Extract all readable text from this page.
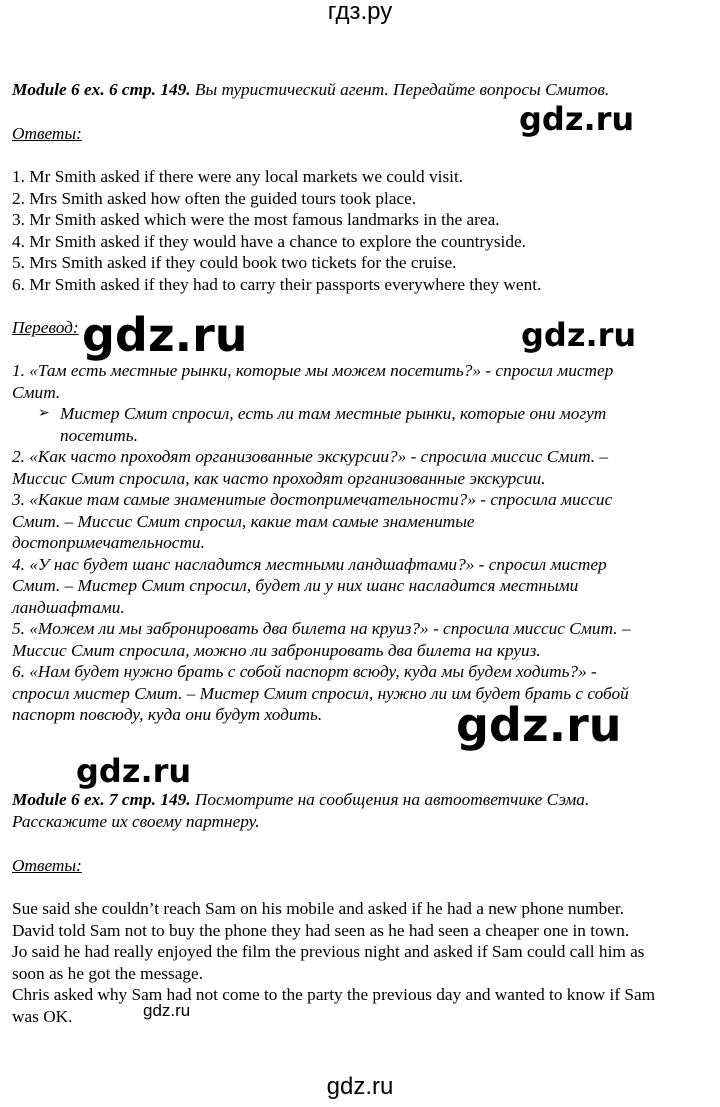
гдз.ру
Module 6 ex. 6 стр. 149. Вы туристический агент. Передайте вопросы Смитов.
Ответы:
1. Mr Smith asked if there were any local markets we could visit.
2. Mrs Smith asked how often the guided tours took place.
3. Mr Smith asked which were the most famous landmarks in the area.
4. Mr Smith asked if they would have a chance to explore the countryside.
5. Mrs Smith asked if they could book two tickets for the cruise.
6. Mr Smith asked if they had to carry their passports everywhere they went.
Перевод:
1. «Там есть местные рынки, которые мы можем посетить?» - спросил мистер
Смит.
➢ Мистер Смит спросил, есть ли там местные рынки, которые они могут
посетить.
2. «Как часто проходят организованные экскурсии?» - спросила миссис Смит. –
Миссис Смит спросила, как часто проходят организованные экскурсии.
3. «Какие там самые знаменитые достопримечательности?» - спросила миссис
Смит. – Миссис Смит спросил, какие там самые знаменитые
достопримечательности.
4. «У нас будет шанс насладится местными ландшафтами?» - спросил мистер
Смит. – Мистер Смит спросил, будет ли у них шанс насладится местными
ландшафтами.
5. «Можем ли мы забронировать два билета на круиз?» - спросила миссис Смит. –
Миссис Смит спросила, можно ли забронировать два билета на круиз.
6. «Нам будет нужно брать с собой паспорт всюду, куда мы будем ходить?» -
спросил мистер Смит. – Мистер Смит спросил, нужно ли им будет брать с собой
паспорт повсюду, куда они будут ходить.
Module 6 ex. 7 стр. 149. Посмотрите на сообщения на автоответчике Сэма.
Расскажите их своему партнеру.
Ответы:
Sue said she couldn’t reach Sam on his mobile and asked if he had a new phone number.
David told Sam not to buy the phone they had seen as he had seen a cheaper one in town.
Jo said he had really enjoyed the film the previous night and asked if Sam could call him as
soon as he got the message.
Chris asked why Sam had not come to the party the previous day and wanted to know if Sam
was OK.
gdz.ru
gdz.ru	gdz.ru
gdz.ru
gdz.ru
gdz.ru
gdz.ru
